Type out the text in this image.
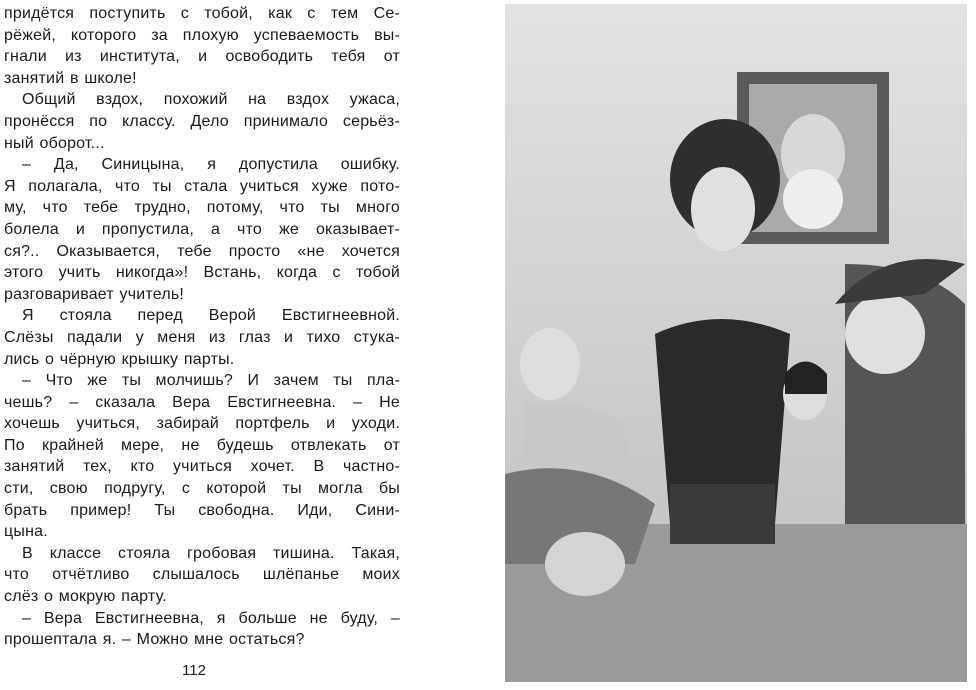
придётся поступить с тобой, как с тем Се-
рёжей, которого за плохую успеваемость вы-
гнали из института, и освободить тебя от
занятий в школе!
Общий вздох, похожий на вздох ужаса,
пронёсся по классу. Дело принимало серьёз-
ный оборот...
– Да, Синицына, я допустила ошибку.
Я полагала, что ты стала учиться хуже пото-
му, что тебе трудно, потому, что ты много
болела и пропустила, а что же оказывает-
ся?.. Оказывается, тебе просто «не хочется
этого учить никогда»! Встань, когда с тобой
разговаривает учитель!
Я стояла перед Верой Евстигнеевной.
Слёзы падали у меня из глаз и тихо стука-
лись о чёрную крышку парты.
– Что же ты молчишь? И зачем ты пла-
чешь? – сказала Вера Евстигнеевна. – Не
хочешь учиться, забирай портфель и уходи.
По крайней мере, не будешь отвлекать от
занятий тех, кто учиться хочет. В частно-
сти, свою подругу, с которой ты могла бы
брать пример! Ты свободна. Иди, Сини-
цына.
В классе стояла гробовая тишина. Такая,
что отчётливо слышалось шлёпанье моих
слёз о мокрую парту.
– Вера Евстигнеевна, я больше не буду, –
прошептала я. – Можно мне остаться?
112
